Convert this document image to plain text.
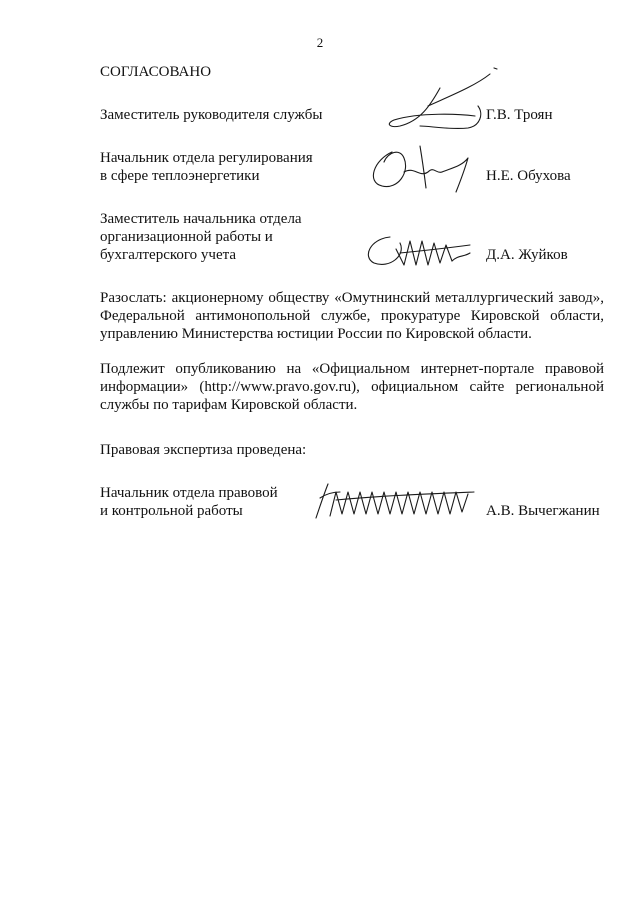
2
СОГЛАСОВАНО
Заместитель руководителя службы	Г.В. Троян
Начальник отдела регулирования
в сфере теплоэнергетики	Н.Е. Обухова
Заместитель начальника отдела
организационной работы и
бухгалтерского учета	Д.А. Жуйков
Разослать: акционерному обществу «Омутнинский металлургический завод», Федеральной антимонопольной службе, прокуратуре Кировской области, управлению Министерства юстиции России по Кировской области.
Подлежит опубликованию на «Официальном интернет-портале правовой информации» (http://www.pravo.gov.ru), официальном сайте региональной службы по тарифам Кировской области.
Правовая экспертиза проведена:
Начальник отдела правовой
и контрольной работы	А.В. Вычегжанин
